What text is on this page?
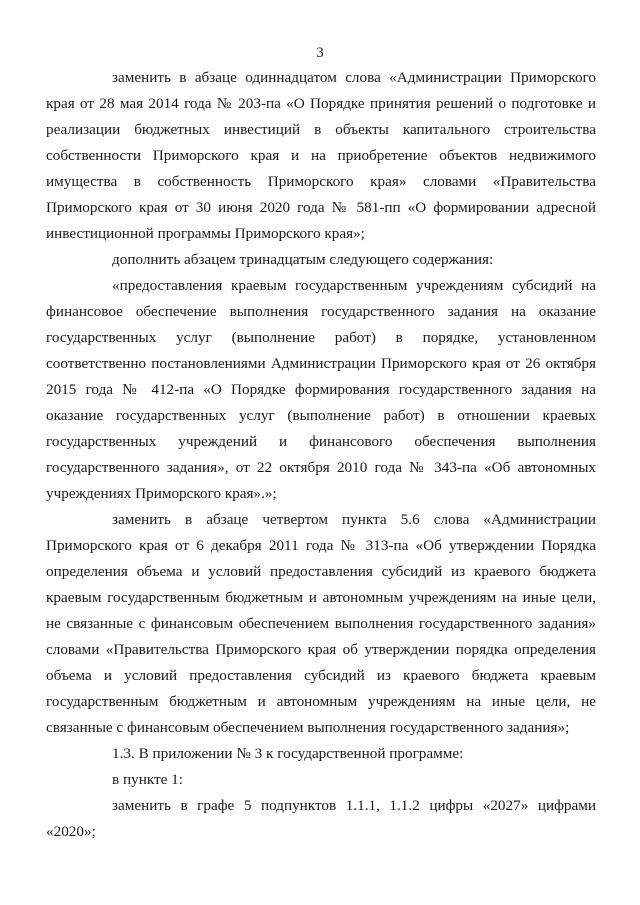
3

заменить в абзаце одиннадцатом слова «Администрации Приморского края от 28 мая 2014 года № 203-па «О Порядке принятия решений о подготовке и реализации бюджетных инвестиций в объекты капитального строительства собственности Приморского края и на приобретение объектов недвижимого имущества в собственность Приморского края» словами «Правительства Приморского края от 30 июня 2020 года № 581-пп «О формировании адресной инвестиционной программы Приморского края»;

дополнить абзацем тринадцатым следующего содержания:

«предоставления краевым государственным учреждениям субсидий на финансовое обеспечение выполнения государственного задания на оказание государственных услуг (выполнение работ) в порядке, установленном соответственно постановлениями Администрации Приморского края от 26 октября 2015 года № 412-па «О Порядке формирования государственного задания на оказание государственных услуг (выполнение работ) в отношении краевых государственных учреждений и финансового обеспечения выполнения государственного задания», от 22 октября 2010 года № 343-па «Об автономных учреждениях Приморского края».»;

заменить в абзаце четвертом пункта 5.6 слова «Администрации Приморского края от 6 декабря 2011 года № 313-па «Об утверждении Порядка определения объема и условий предоставления субсидий из краевого бюджета краевым государственным бюджетным и автономным учреждениям на иные цели, не связанные с финансовым обеспечением выполнения государственного задания» словами «Правительства Приморского края об утверждении порядка определения объема и условий предоставления субсидий из краевого бюджета краевым государственным бюджетным и автономным учреждениям на иные цели, не связанные с финансовым обеспечением выполнения государственного задания»;

1.3. В приложении № 3 к государственной программе:

в пункте 1:

заменить в графе 5 подпунктов 1.1.1, 1.1.2 цифры «2027» цифрами «2020»;
